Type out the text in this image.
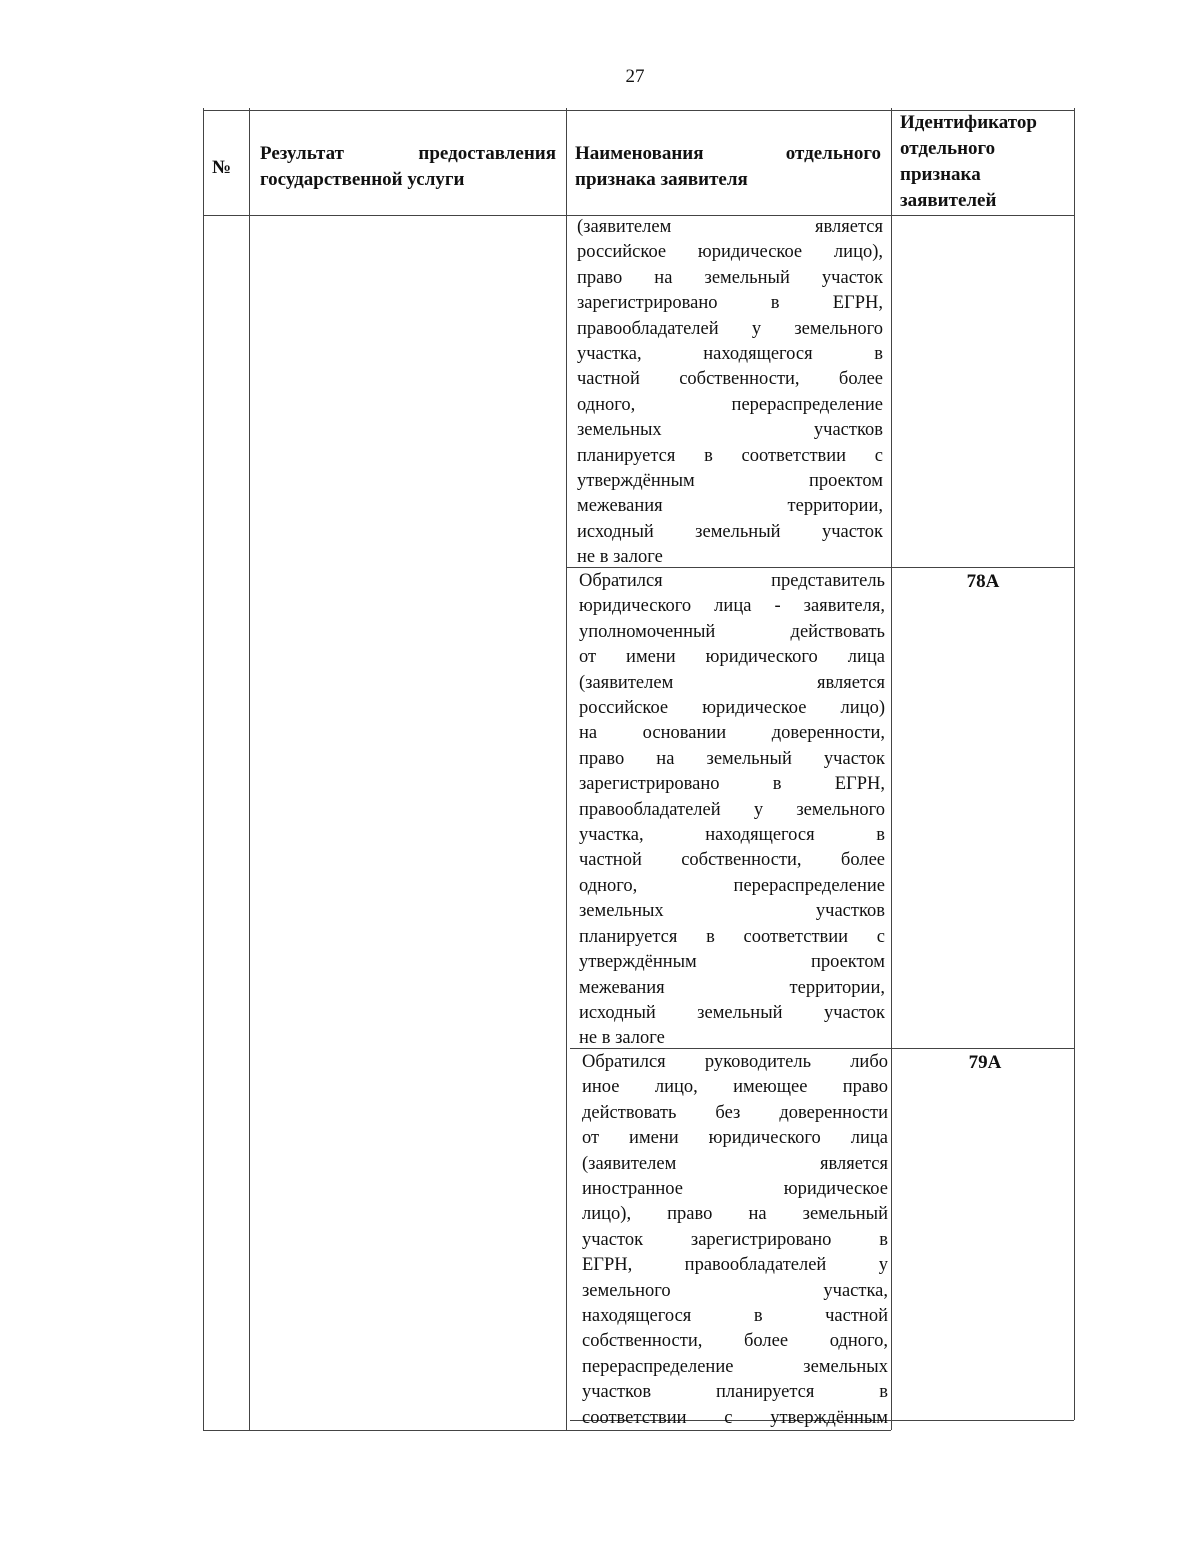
27
№
Результат предоставления государственной услуги
Наименования отдельного признака заявителя
Идентификатор
отдельного
признака
заявителей
(заявителем является
российское юридическое лицо),
право на земельный участок
зарегистрировано в ЕГРН,
правообладателей у земельного
участка, находящегося в
частной собственности, более
одного, перераспределение
земельных участков
планируется в соответствии с
утверждённым проектом
межевания территории,
исходный земельный участок
не в залоге
Обратился представитель
юридического лица - заявителя,
уполномоченный действовать
от имени юридического лица
(заявителем является
российское юридическое лицо)
на основании доверенности,
право на земельный участок
зарегистрировано в ЕГРН,
правообладателей у земельного
участка, находящегося в
частной собственности, более
одного, перераспределение
земельных участков
планируется в соответствии с
утверждённым проектом
межевания территории,
исходный земельный участок
не в залоге
78А
Обратился руководитель либо
иное лицо, имеющее право
действовать без доверенности
от имени юридического лица
(заявителем является
иностранное юридическое
лицо), право на земельный
участок зарегистрировано в
ЕГРН, правообладателей у
земельного участка,
находящегося в частной
собственности, более одного,
перераспределение земельных
участков планируется в
соответствии с утверждённым
79А
